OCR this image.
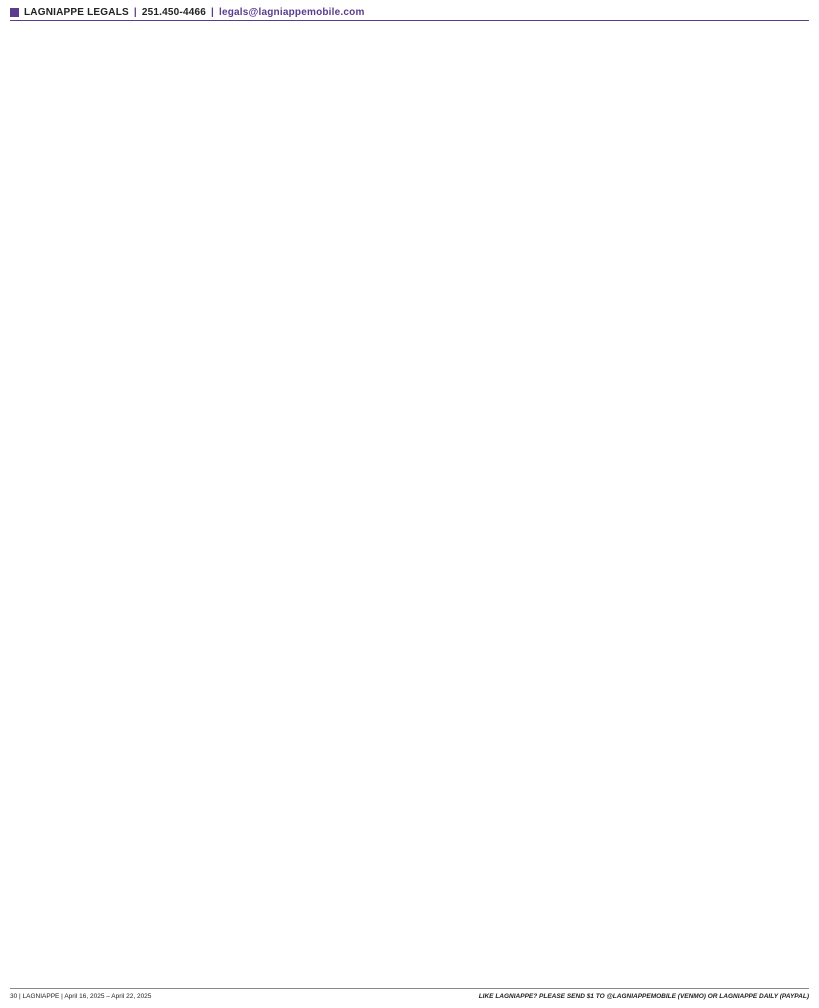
LAGNIAPPE LEGALS | 251.450-4466 | legals@lagniappemobile.com
30 | LAGNIAPPE | April 16, 2025 – April 22, 2025	LIKE LAGNIAPPE? PLEASE SEND $1 TO @LAGNIAPPEMOBILE (VENMO) OR LAGNIAPPE DAILY (PAYPAL)
